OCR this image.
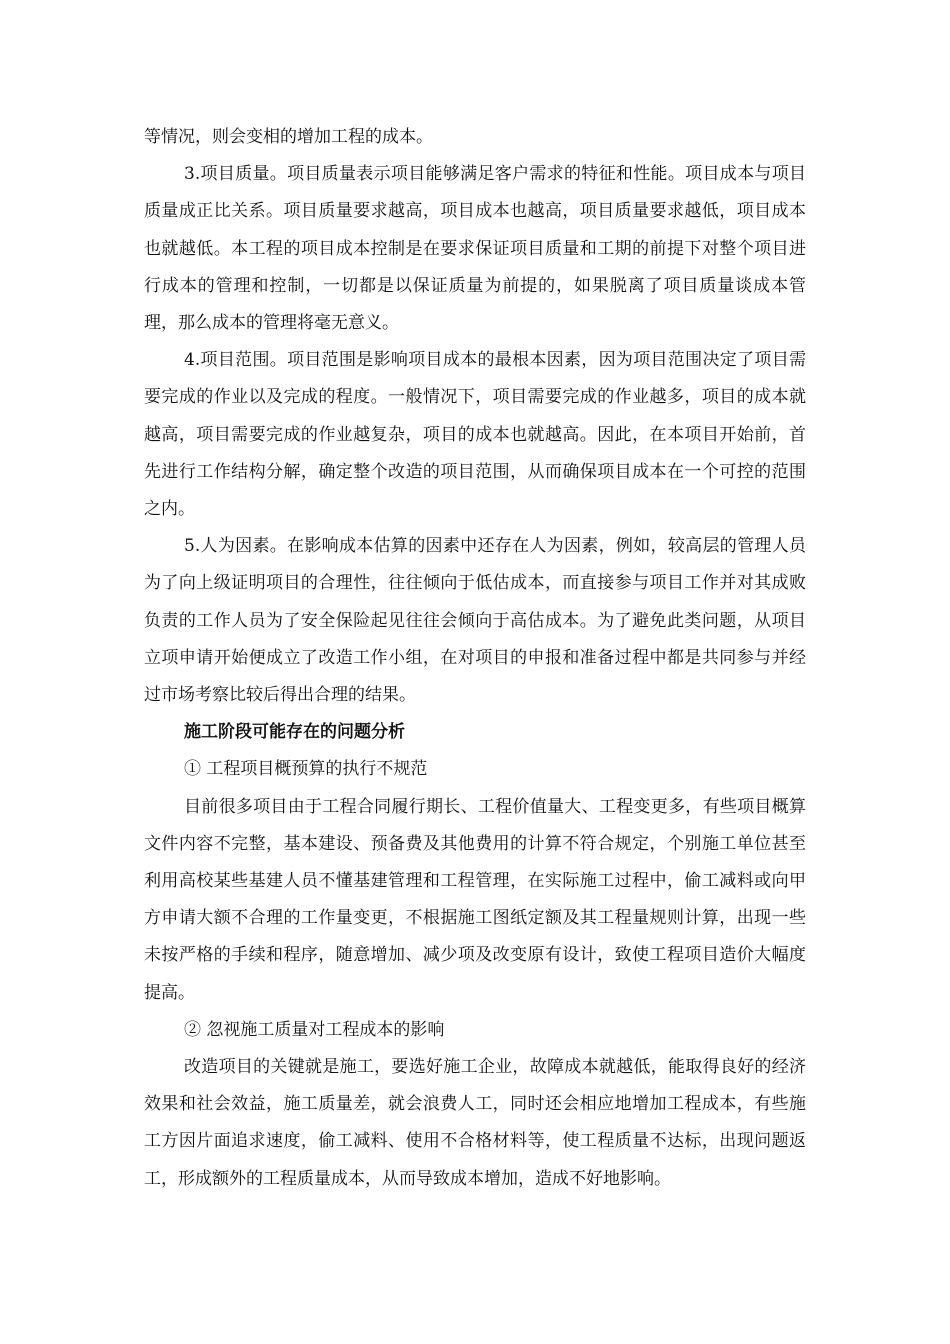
等情况，则会变相的增加工程的成本。

3.项目质量。项目质量表示项目能够满足客户需求的特征和性能。项目成本与项目质量成正比关系。项目质量要求越高，项目成本也越高，项目质量要求越低，项目成本也就越低。本工程的项目成本控制是在要求保证项目质量和工期的前提下对整个项目进行成本的管理和控制，一切都是以保证质量为前提的，如果脱离了项目质量谈成本管理，那么成本的管理将毫无意义。

4.项目范围。项目范围是影响项目成本的最根本因素，因为项目范围决定了项目需要完成的作业以及完成的程度。一般情况下，项目需要完成的作业越多，项目的成本就越高，项目需要完成的作业越复杂，项目的成本也就越高。因此，在本项目开始前，首先进行工作结构分解，确定整个改造的项目范围，从而确保项目成本在一个可控的范围之内。

5.人为因素。在影响成本估算的因素中还存在人为因素，例如，较高层的管理人员为了向上级证明项目的合理性，往往倾向于低估成本，而直接参与项目工作并对其成败负责的工作人员为了安全保险起见往往会倾向于高估成本。为了避免此类问题，从项目立项申请开始便成立了改造工作小组，在对项目的申报和准备过程中都是共同参与并经过市场考察比较后得出合理的结果。

施工阶段可能存在的问题分析

① 工程项目概预算的执行不规范

目前很多项目由于工程合同履行期长、工程价值量大、工程变更多，有些项目概算文件内容不完整，基本建设、预备费及其他费用的计算不符合规定，个别施工单位甚至利用高校某些基建人员不懂基建管理和工程管理，在实际施工过程中，偷工减料或向甲方申请大额不合理的工作量变更，不根据施工图纸定额及其工程量规则计算，出现一些未按严格的手续和程序，随意增加、减少项及改变原有设计，致使工程项目造价大幅度提高。

② 忽视施工质量对工程成本的影响

改造项目的关键就是施工，要选好施工企业，故障成本就越低，能取得良好的经济效果和社会效益，施工质量差，就会浪费人工，同时还会相应地增加工程成本，有些施工方因片面追求速度，偷工减料、使用不合格材料等，使工程质量不达标，出现问题返工，形成额外的工程质量成本，从而导致成本增加，造成不好地影响。
